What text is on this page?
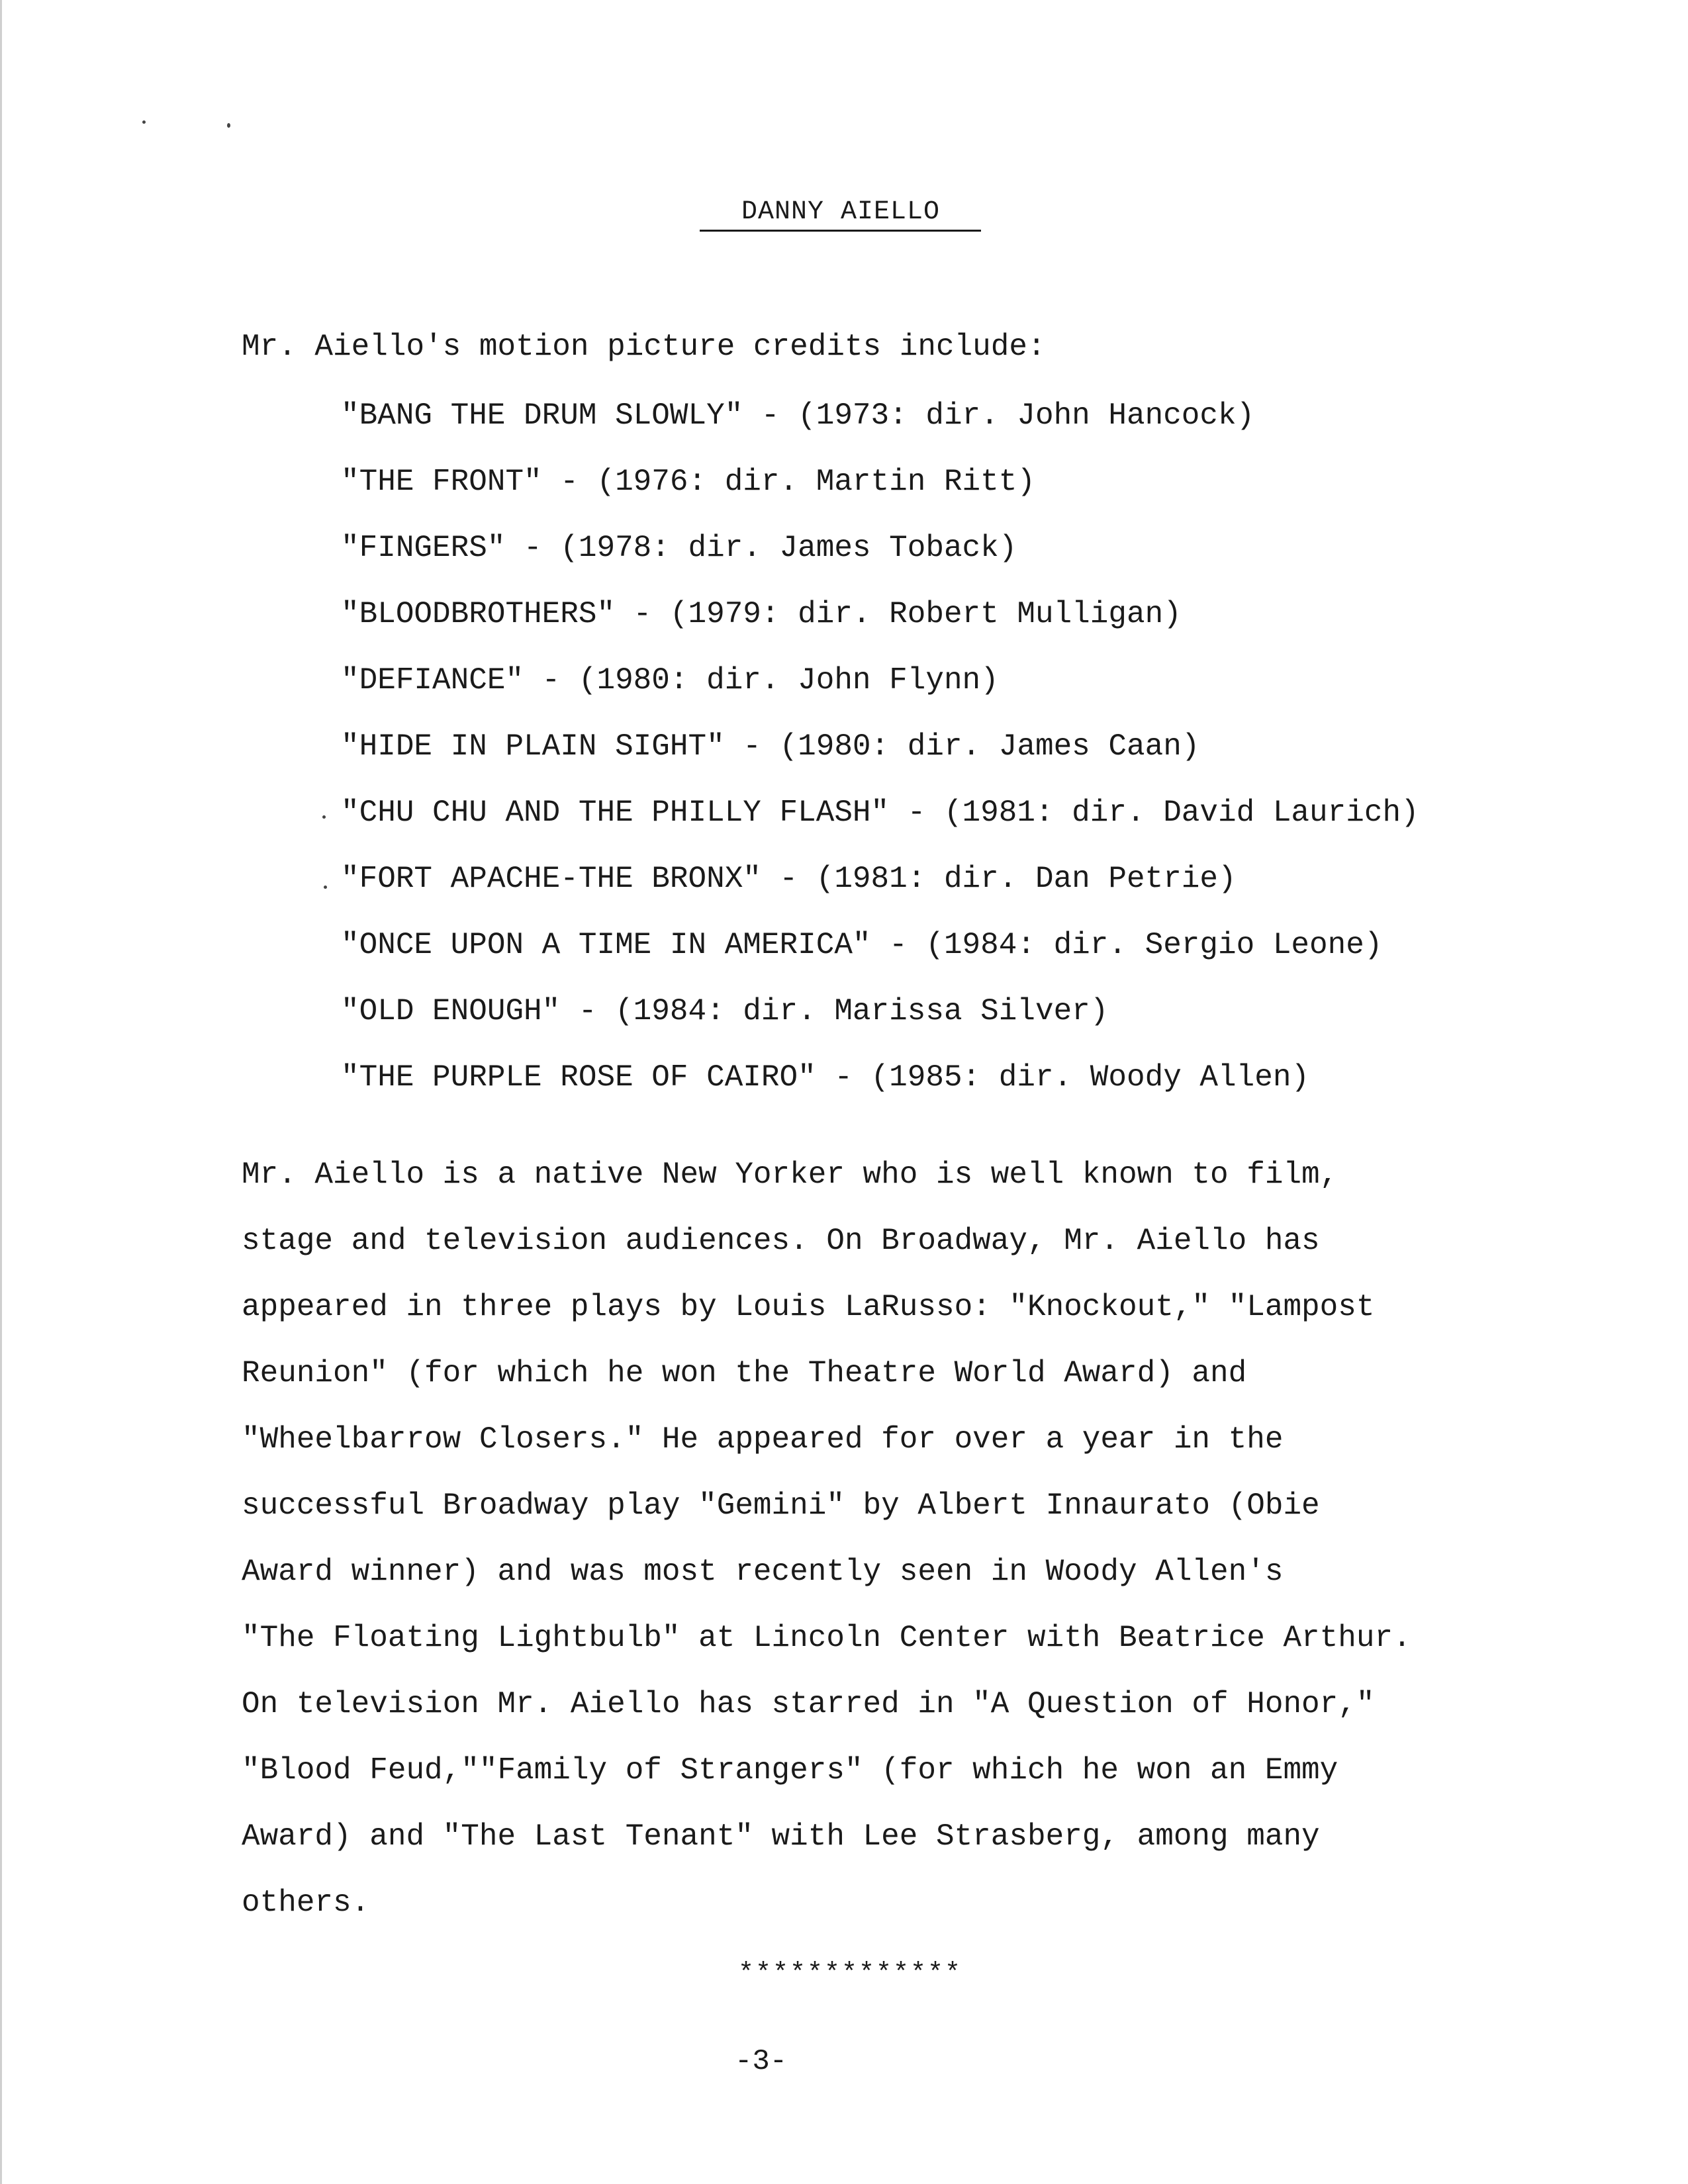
DANNY AIELLO
Mr. Aiello's motion picture credits include:
"BANG THE DRUM SLOWLY" - (1973: dir. John Hancock)
"THE FRONT" - (1976: dir. Martin Ritt)
"FINGERS" - (1978: dir. James Toback)
"BLOODBROTHERS" - (1979: dir. Robert Mulligan)
"DEFIANCE" - (1980: dir. John Flynn)
"HIDE IN PLAIN SIGHT" - (1980: dir. James Caan)
"CHU CHU AND THE PHILLY FLASH" - (1981: dir. David Laurich)
"FORT APACHE-THE BRONX" - (1981: dir. Dan Petrie)
"ONCE UPON A TIME IN AMERICA" - (1984: dir. Sergio Leone)
"OLD ENOUGH" - (1984: dir. Marissa Silver)
"THE PURPLE ROSE OF CAIRO" - (1985: dir. Woody Allen)
Mr. Aiello is a native New Yorker who is well known to film,
stage and television audiences. On Broadway, Mr. Aiello has
appeared in three plays by Louis LaRusso: "Knockout," "Lampost
Reunion" (for which he won the Theatre World Award) and
"Wheelbarrow Closers." He appeared for over a year in the
successful Broadway play "Gemini" by Albert Innaurato (Obie
Award winner) and was most recently seen in Woody Allen's
"The Floating Lightbulb" at Lincoln Center with Beatrice Arthur.
On television Mr. Aiello has starred in "A Question of Honor,"
"Blood Feud,""Family of Strangers" (for which he won an Emmy
Award) and "The Last Tenant" with Lee Strasberg, among many
others.
*************
-3-
